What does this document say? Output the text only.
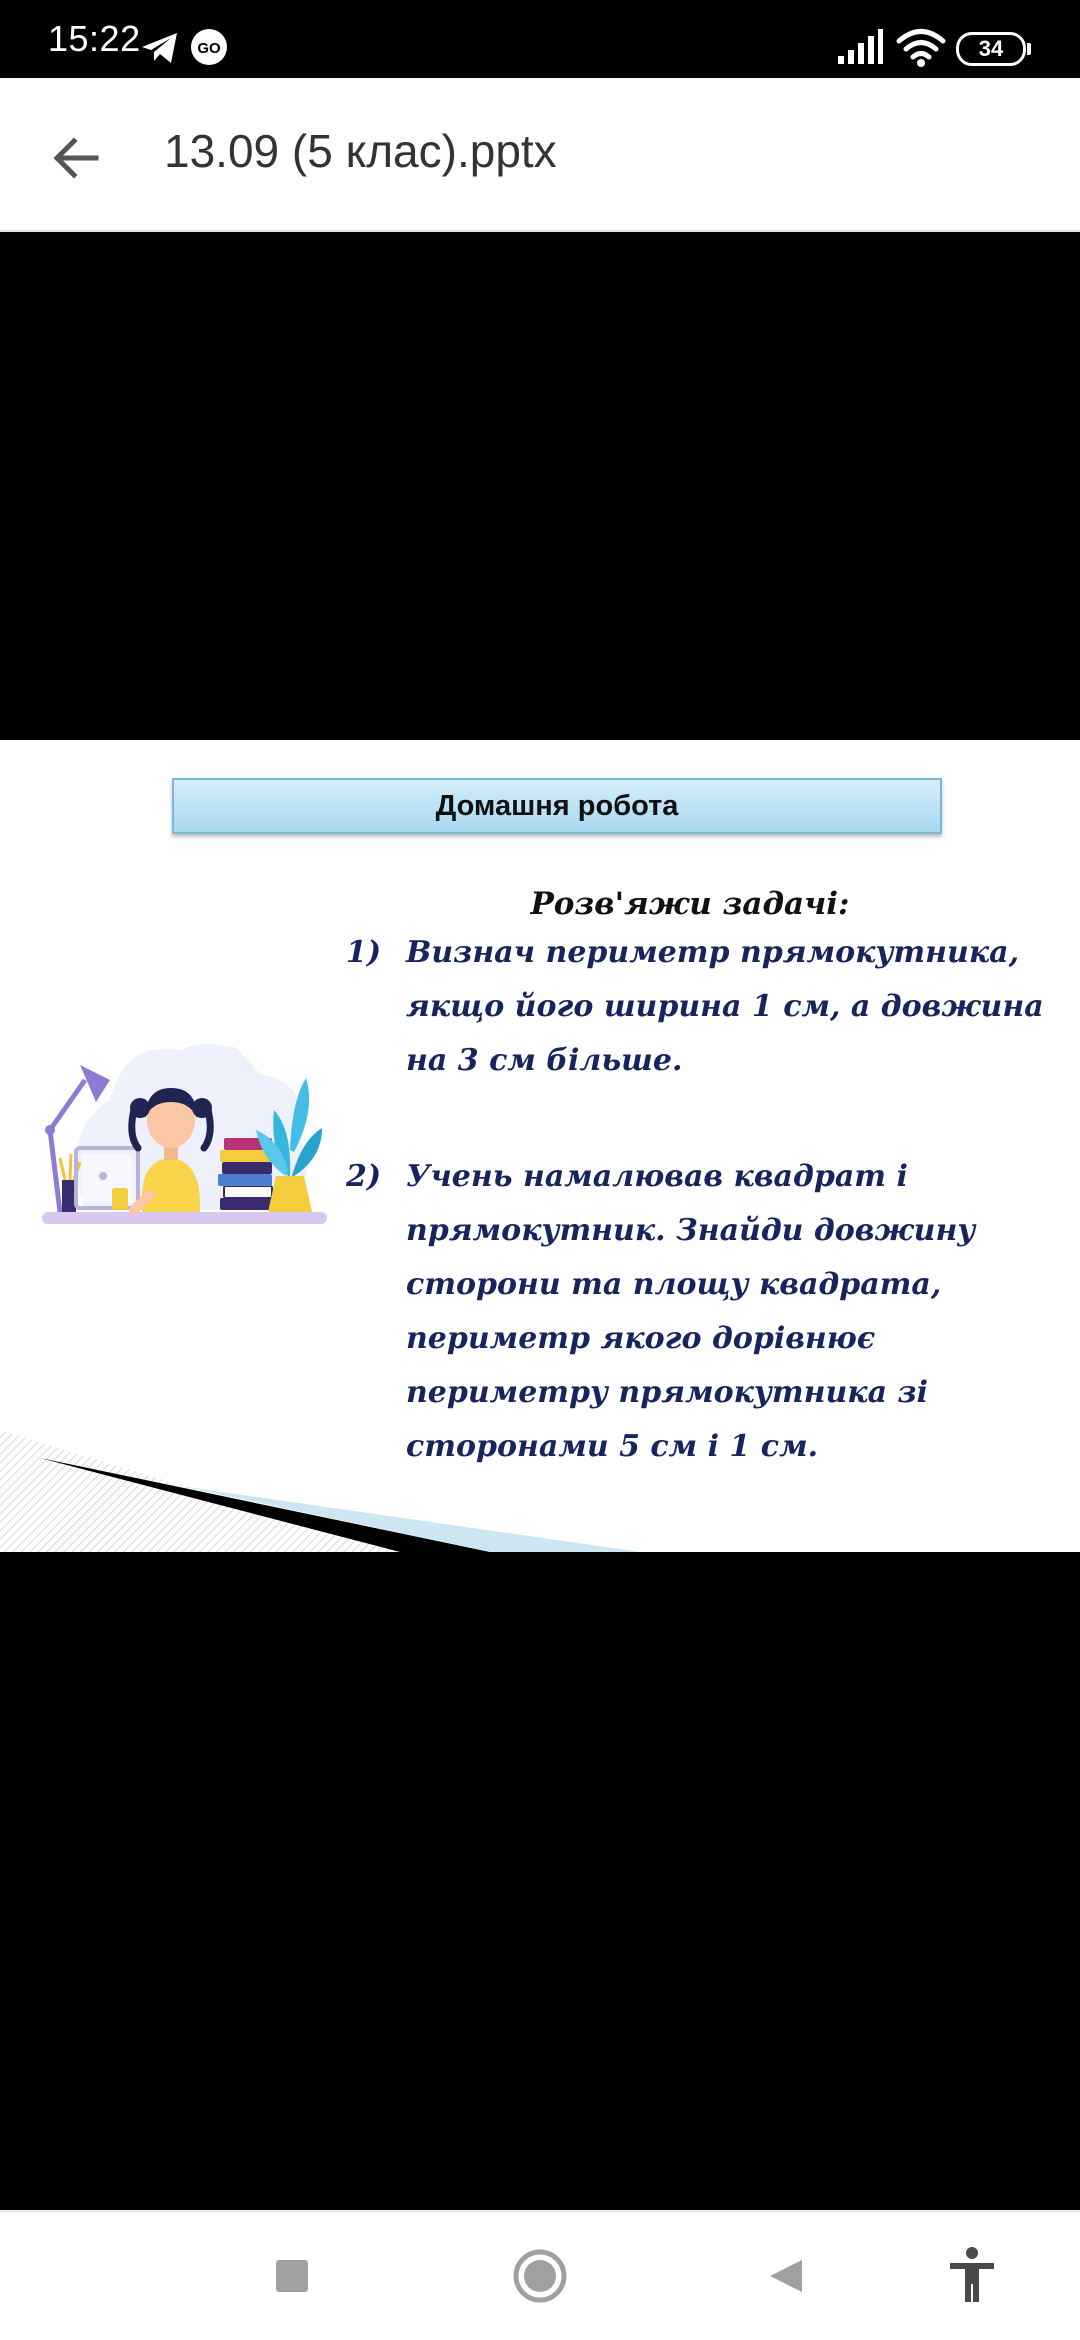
15:22	GO	34
13.09 (5 клас).pptx
Домашня робота
Розв'яжи задачі:
1) Визнач периметр прямокутника, якщо його ширина 1 см, а довжина на 3 см більше.
2) Учень намалював квадрат і прямокутник. Знайди довжину сторони та площу квадрата, периметр якого дорівнює периметру прямокутника зі сторонами 5 см і 1 см.
